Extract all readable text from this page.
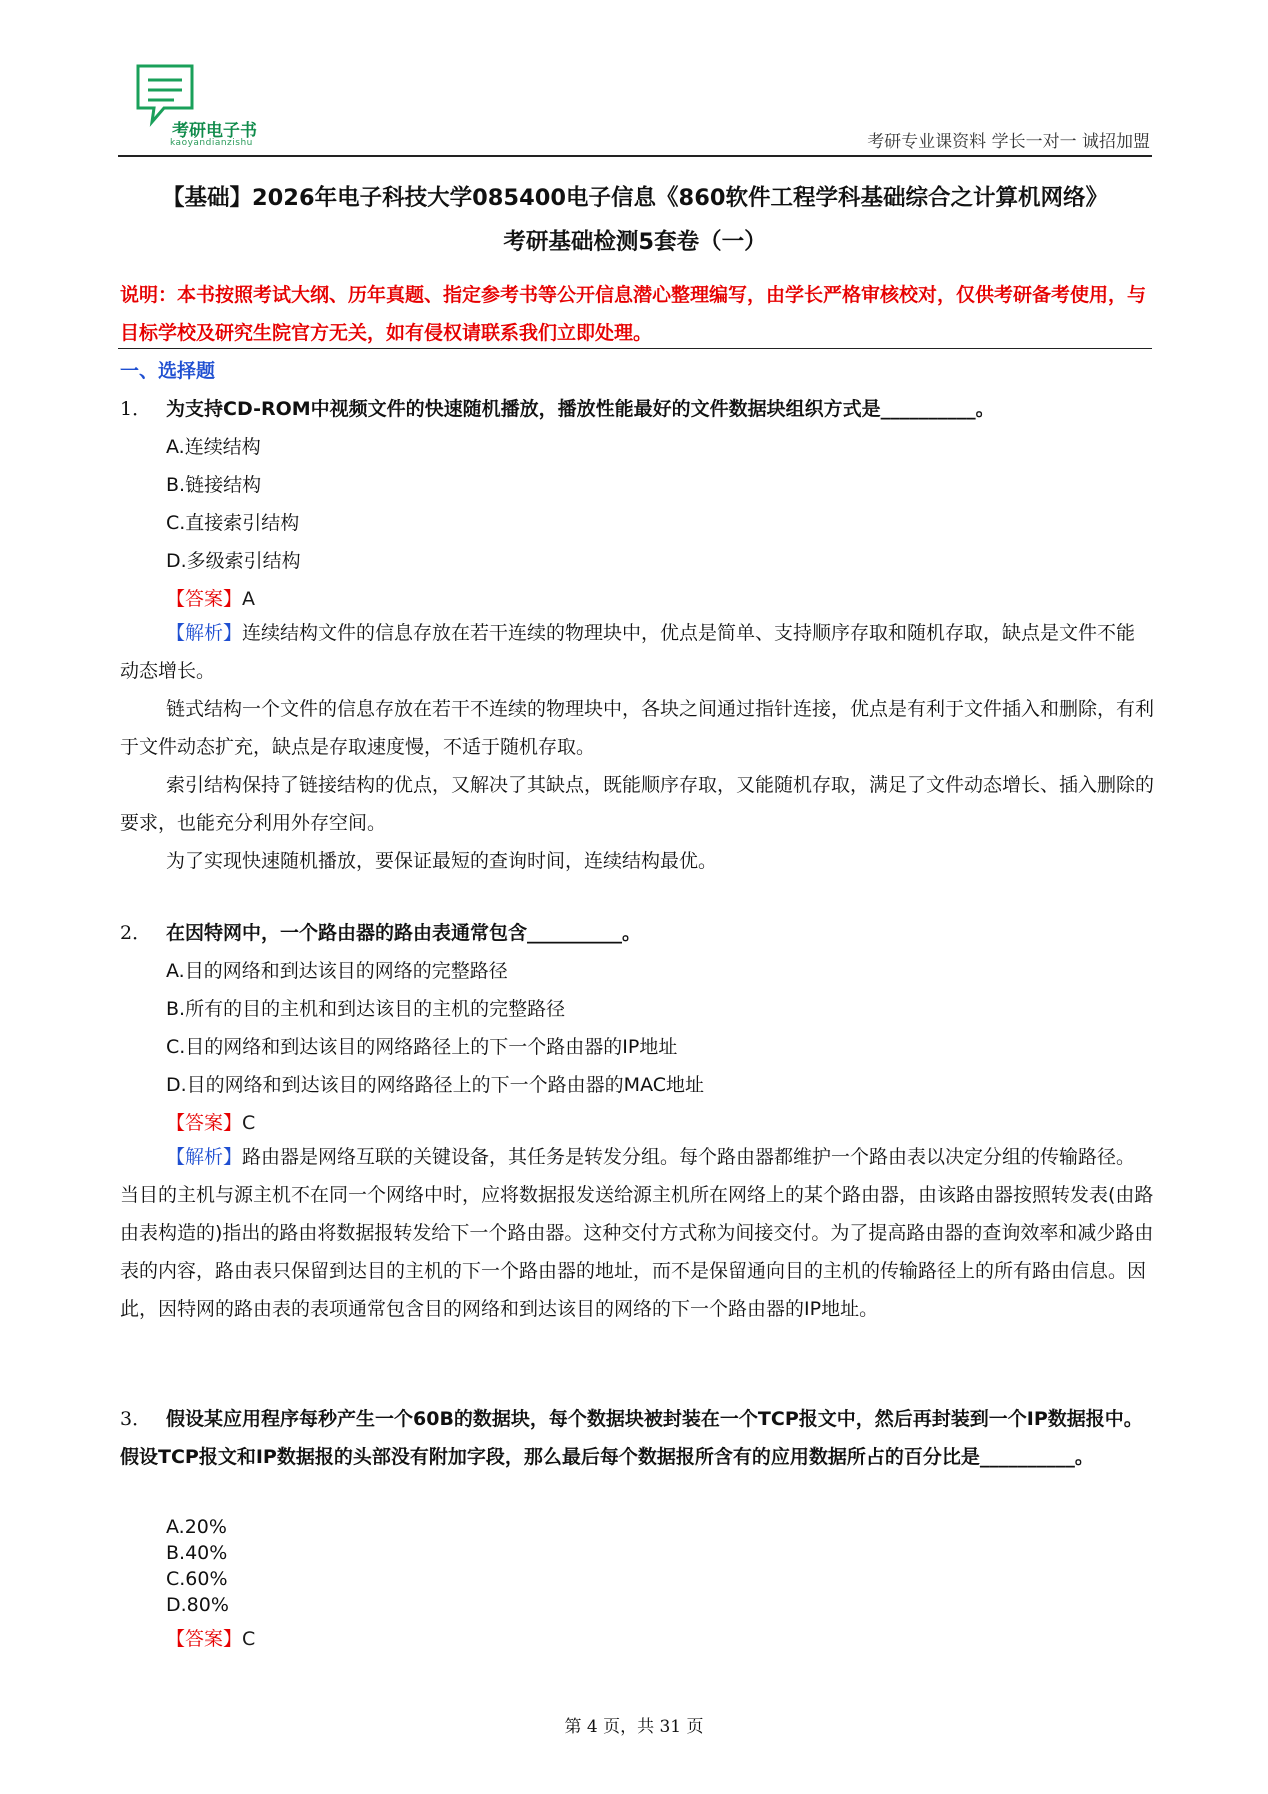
考研电子书
kaoyandianzishu	考研专业课资料 学长一对一 诚招加盟
【基础】2026年电子科技大学085400电子信息《860软件工程学科基础综合之计算机网络》
考研基础检测5套卷（一）
说明：本书按照考试大纲、历年真题、指定参考书等公开信息潜心整理编写，由学长严格审核校对，仅供考研备考使用，与目标学校及研究生院官方无关，如有侵权请联系我们立即处理。
一、选择题
1． 为支持CD-ROM中视频文件的快速随机播放，播放性能最好的文件数据块组织方式是__________。
A.连续结构
B.链接结构
C.直接索引结构
D.多级索引结构
【答案】A
【解析】连续结构文件的信息存放在若干连续的物理块中，优点是简单、支持顺序存取和随机存取，缺点是文件不能动态增长。
链式结构一个文件的信息存放在若干不连续的物理块中，各块之间通过指针连接，优点是有利于文件插入和删除，有利于文件动态扩充，缺点是存取速度慢，不适于随机存取。
索引结构保持了链接结构的优点，又解决了其缺点，既能顺序存取，又能随机存取，满足了文件动态增长、插入删除的要求，也能充分利用外存空间。
为了实现快速随机播放，要保证最短的查询时间，连续结构最优。
2． 在因特网中，一个路由器的路由表通常包含__________。
A.目的网络和到达该目的网络的完整路径
B.所有的目的主机和到达该目的主机的完整路径
C.目的网络和到达该目的网络路径上的下一个路由器的IP地址
D.目的网络和到达该目的网络路径上的下一个路由器的MAC地址
【答案】C
【解析】路由器是网络互联的关键设备，其任务是转发分组。每个路由器都维护一个路由表以决定分组的传输路径。当目的主机与源主机不在同一个网络中时，应将数据报发送给源主机所在网络上的某个路由器，由该路由器按照转发表(由路由表构造的)指出的路由将数据报转发给下一个路由器。这种交付方式称为间接交付。为了提高路由器的查询效率和减少路由表的内容，路由表只保留到达目的主机的下一个路由器的地址，而不是保留通向目的主机的传输路径上的所有路由信息。因此，因特网的路由表的表项通常包含目的网络和到达该目的网络的下一个路由器的IP地址。
3． 假设某应用程序每秒产生一个60B的数据块，每个数据块被封装在一个TCP报文中，然后再封装到一个IP数据报中。假设TCP报文和IP数据报的头部没有附加字段，那么最后每个数据报所含有的应用数据所占的百分比是__________。
A.20%
B.40%
C.60%
D.80%
【答案】C
第 4 页，共 31 页
